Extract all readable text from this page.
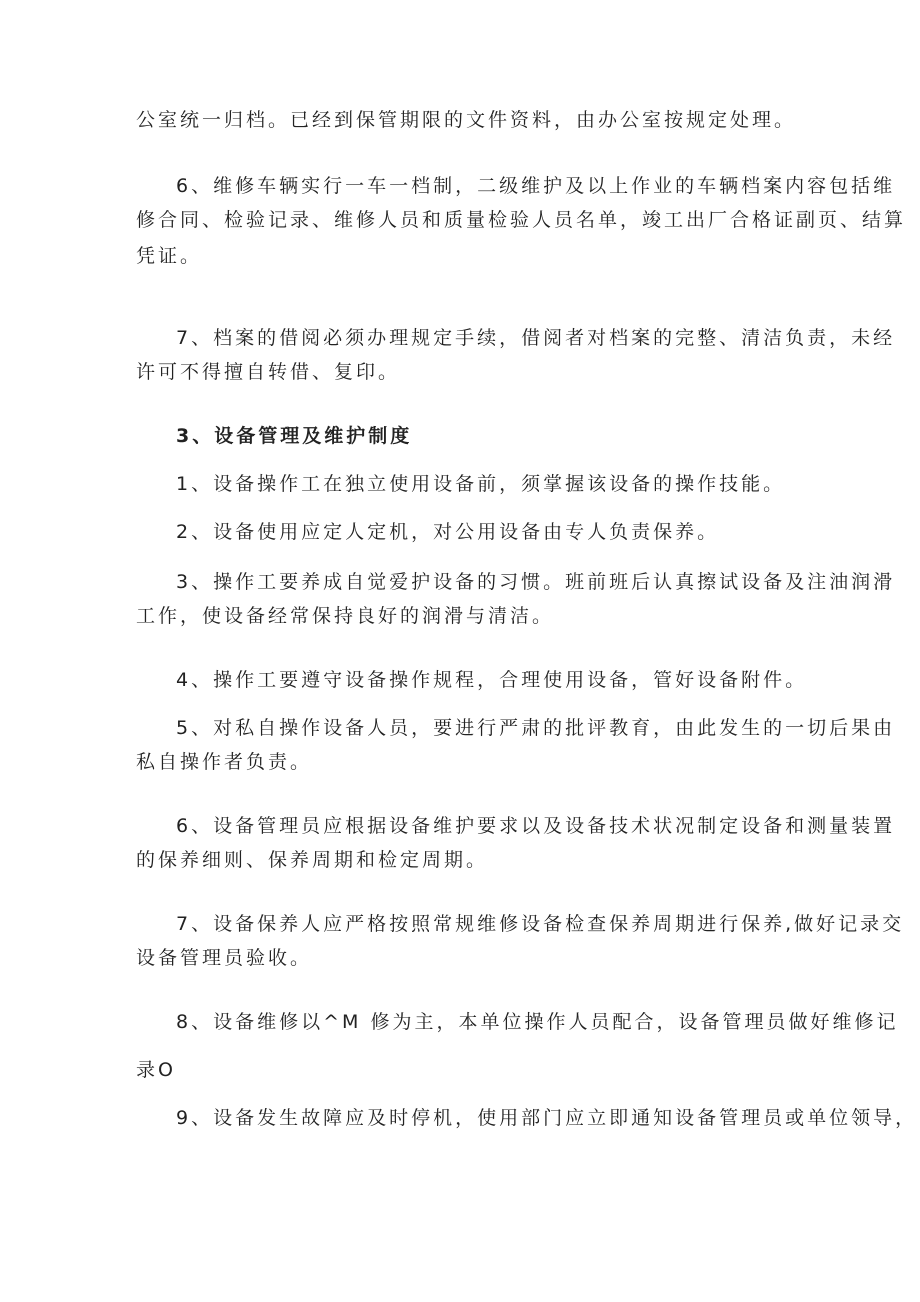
公室统一归档。已经到保管期限的文件资料，由办公室按规定处理。
6、维修车辆实行一车一档制，二级维护及以上作业的车辆档案内容包括维
修合同、检验记录、维修人员和质量检验人员名单，竣工出厂合格证副页、结算
凭证。
7、档案的借阅必须办理规定手续，借阅者对档案的完整、清洁负责，未经
许可不得擅自转借、复印。
3、设备管理及维护制度
1、设备操作工在独立使用设备前，须掌握该设备的操作技能。
2、设备使用应定人定机，对公用设备由专人负责保养。
3、操作工要养成自觉爱护设备的习惯。班前班后认真擦试设备及注油润滑
工作，使设备经常保持良好的润滑与清洁。
4、操作工要遵守设备操作规程，合理使用设备，管好设备附件。
5、对私自操作设备人员，要进行严肃的批评教育，由此发生的一切后果由
私自操作者负责。
6、设备管理员应根据设备维护要求以及设备技术状况制定设备和测量装置
的保养细则、保养周期和检定周期。
7、设备保养人应严格按照常规维修设备检查保养周期进行保养,做好记录交
设备管理员验收。
8、设备维修以^M 修为主，本单位操作人员配合，设备管理员做好维修记
录O
9、设备发生故障应及时停机，使用部门应立即通知设备管理员或单位领导，
